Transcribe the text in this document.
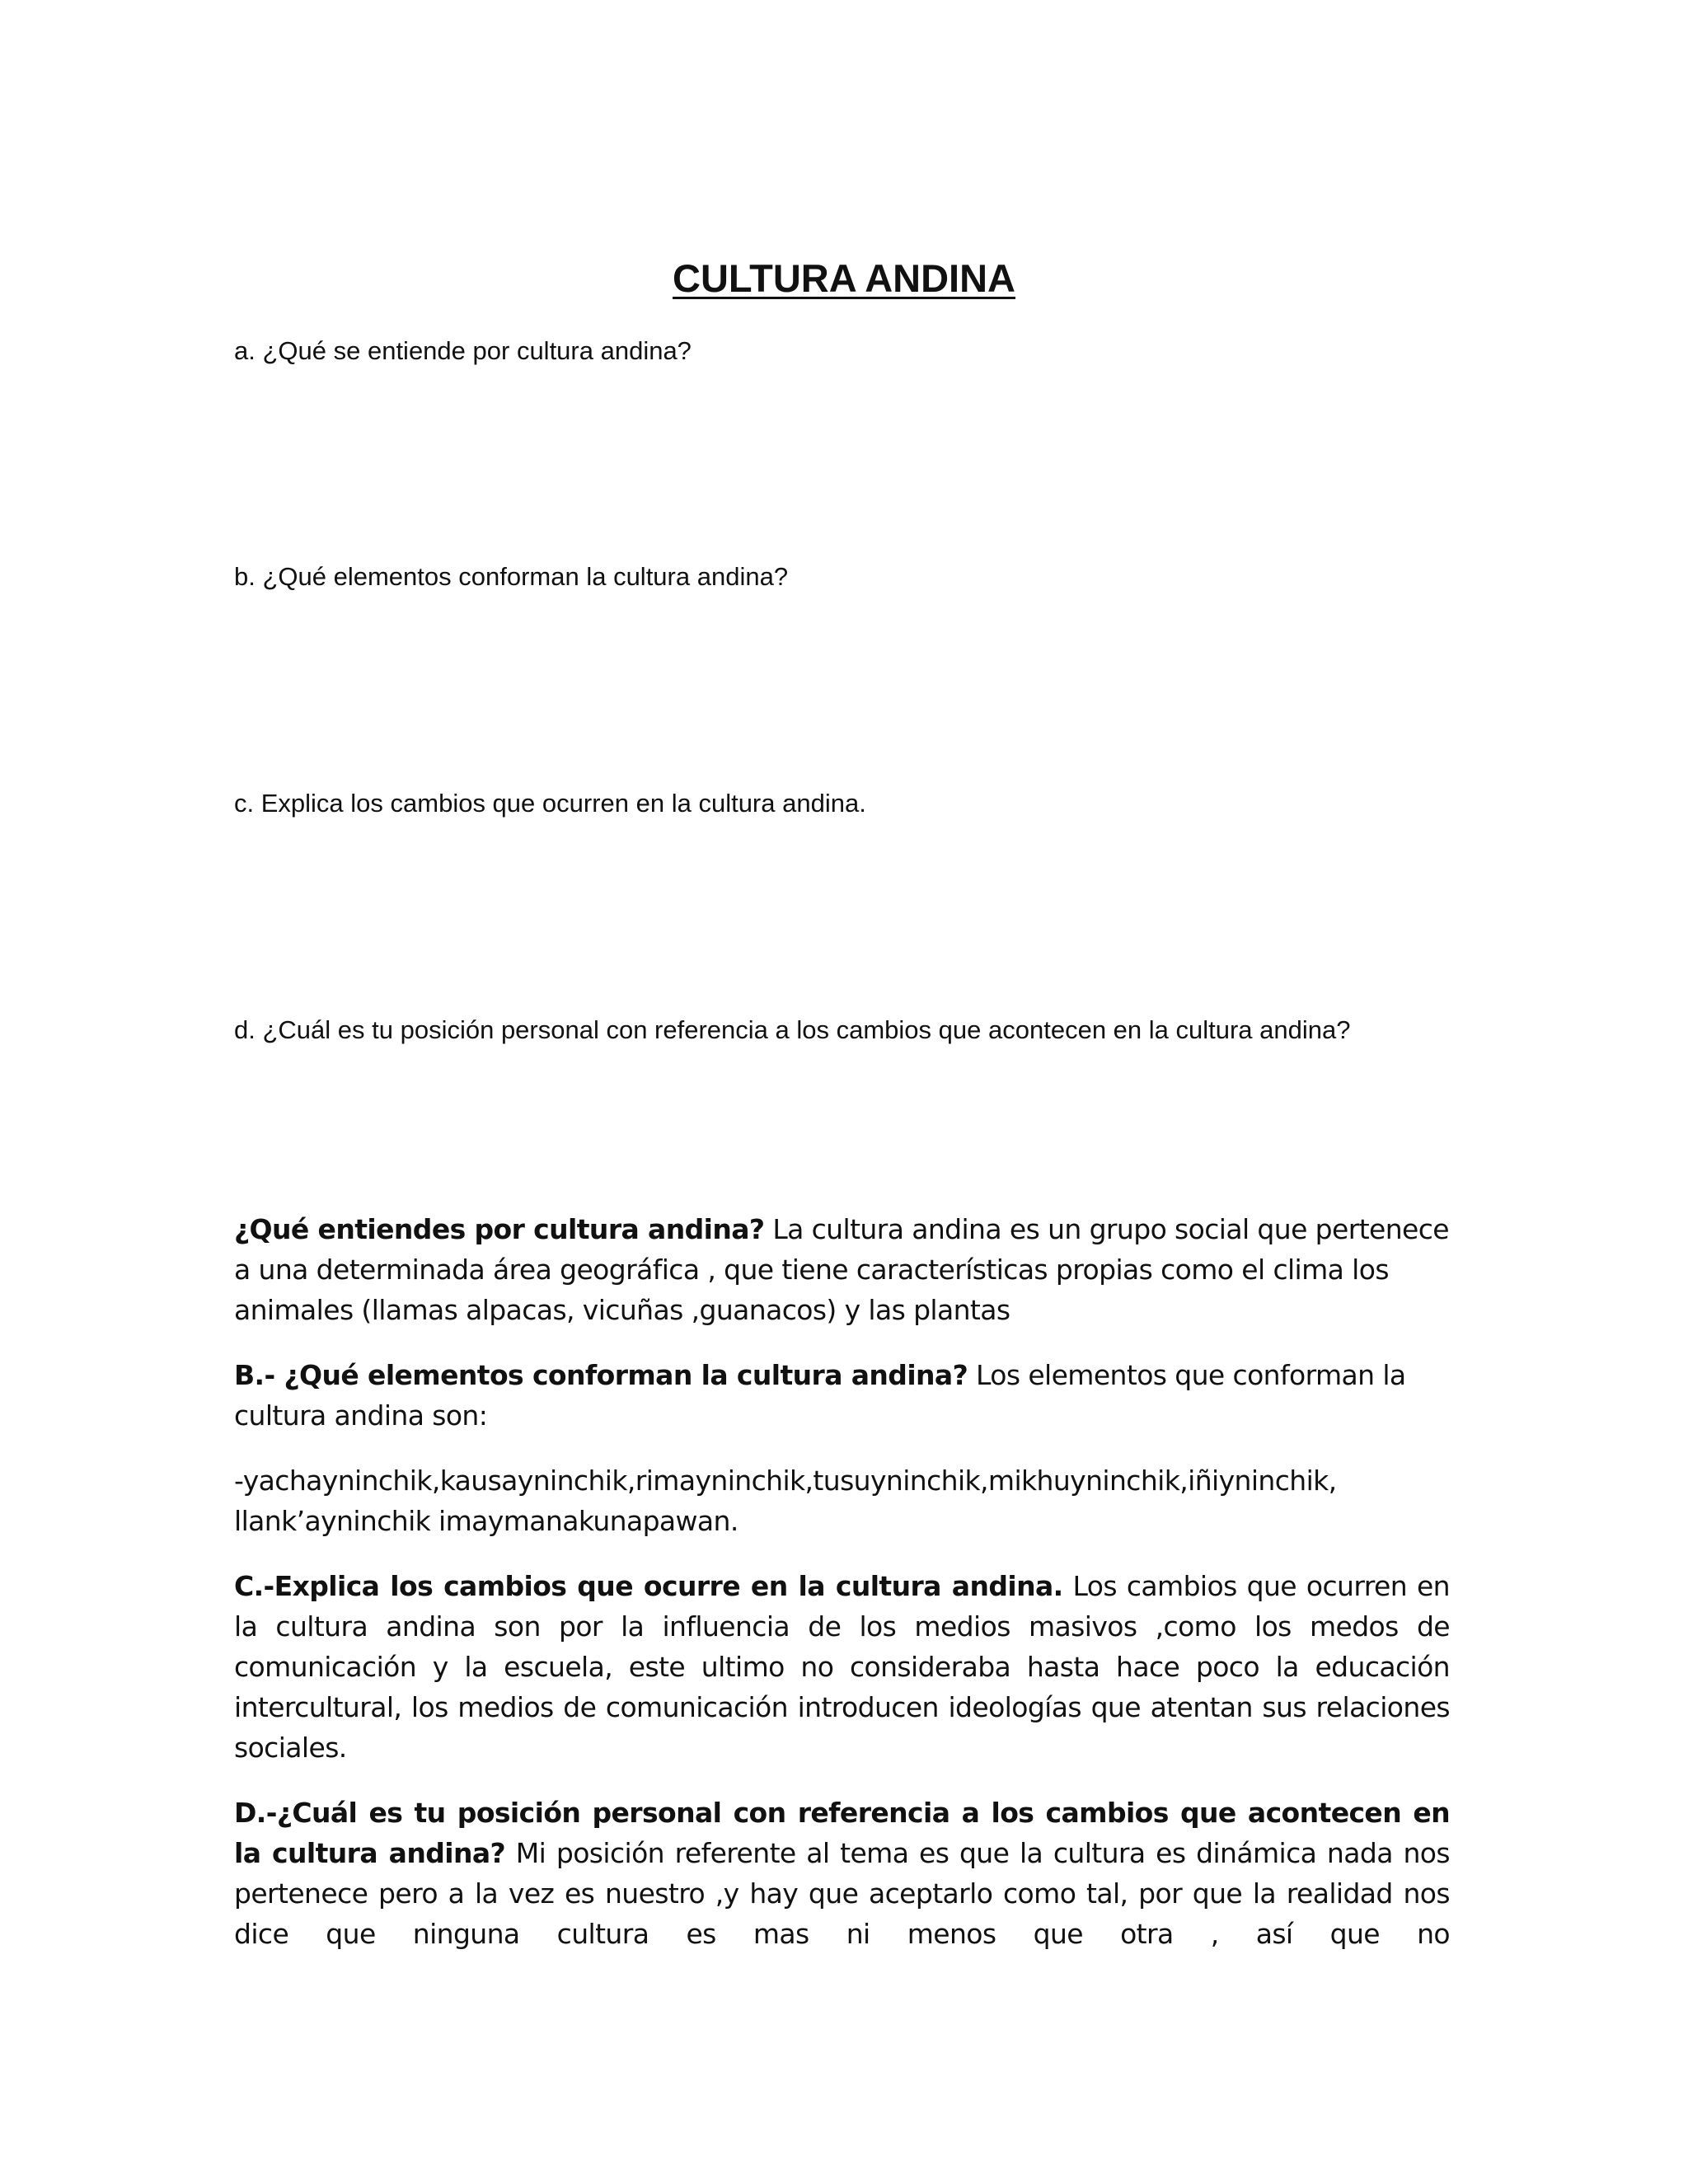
CULTURA ANDINA

a. ¿Qué se entiende por cultura andina?

b. ¿Qué elementos conforman la cultura andina?

c. Explica los cambios que ocurren en la cultura andina.

d. ¿Cuál es tu posición personal con referencia a los cambios que acontecen en la cultura andina?

¿Qué entiendes por cultura andina? La cultura andina es un grupo social que pertenece a una determinada área geográfica , que tiene características propias como el clima los animales (llamas alpacas, vicuñas ,guanacos) y las plantas

B.- ¿Qué elementos conforman la cultura andina? Los elementos que conforman la cultura andina son:

-yachayninchik,kausayninchik,rimayninchik,tusuyninchik,mikhuyninchik,iñiyninchik, llank’ayninchik imaymanakunapawan.

C.-Explica los cambios que ocurre en la cultura andina. Los cambios que ocurren en la cultura andina son por la influencia de los medios masivos ,como los medos de comunicación y la escuela, este ultimo no consideraba hasta hace poco la educación intercultural, los medios de comunicación introducen ideologías que atentan sus relaciones sociales.

D.-¿Cuál es tu posición personal con referencia a los cambios que acontecen en la cultura andina? Mi posición referente al tema es que la cultura es dinámica nada nos pertenece pero a la vez es nuestro ,y hay que aceptarlo como tal, por que la realidad nos dice que ninguna cultura es mas ni menos que otra , así que no
